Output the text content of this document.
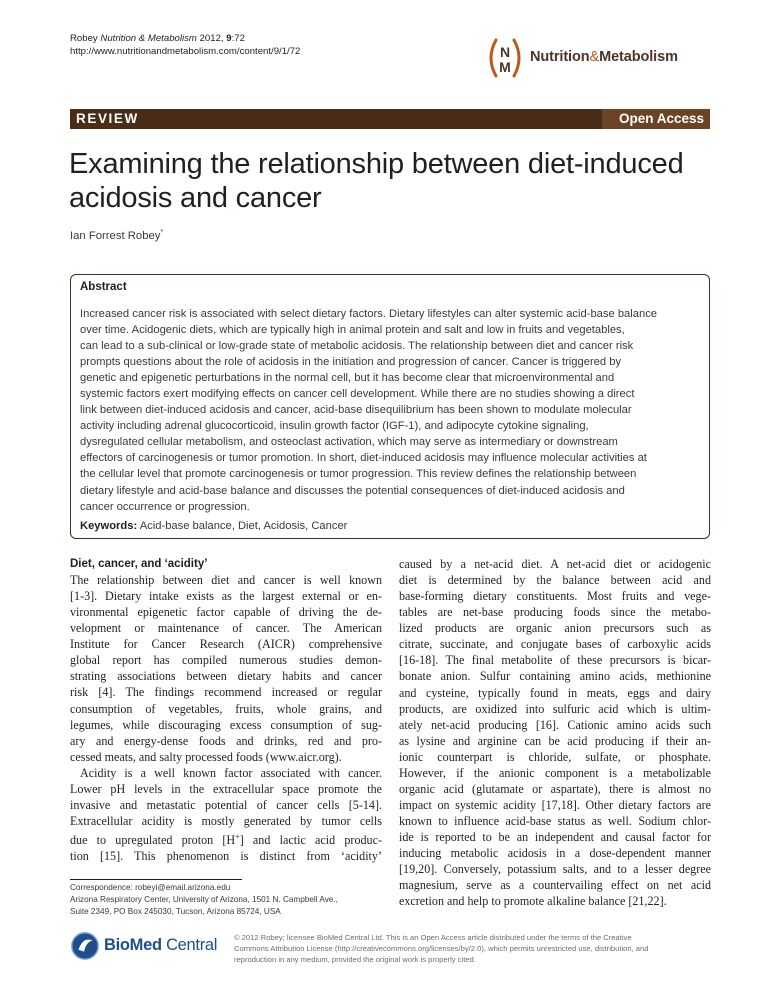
Robey Nutrition & Metabolism 2012, 9:72
http://www.nutritionandmetabolism.com/content/9/1/72	N
M
Nutrition&Metabolism
REVIEW	Open Access
Examining the relationship between diet-induced
acidosis and cancer
Ian Forrest Robey*
Abstract
Increased cancer risk is associated with select dietary factors. Dietary lifestyles can alter systemic acid-base balance
over time. Acidogenic diets, which are typically high in animal protein and salt and low in fruits and vegetables,
can lead to a sub-clinical or low-grade state of metabolic acidosis. The relationship between diet and cancer risk
prompts questions about the role of acidosis in the initiation and progression of cancer. Cancer is triggered by
genetic and epigenetic perturbations in the normal cell, but it has become clear that microenvironmental and
systemic factors exert modifying effects on cancer cell development. While there are no studies showing a direct
link between diet-induced acidosis and cancer, acid-base disequilibrium has been shown to modulate molecular
activity including adrenal glucocorticoid, insulin growth factor (IGF-1), and adipocyte cytokine signaling,
dysregulated cellular metabolism, and osteoclast activation, which may serve as intermediary or downstream
effectors of carcinogenesis or tumor promotion. In short, diet-induced acidosis may influence molecular activities at
the cellular level that promote carcinogenesis or tumor progression. This review defines the relationship between
dietary lifestyle and acid-base balance and discusses the potential consequences of diet-induced acidosis and
cancer occurrence or progression.
Keywords: Acid-base balance, Diet, Acidosis, Cancer
Diet, cancer, and ‘acidity’
The relationship between diet and cancer is well known
[1-3]. Dietary intake exists as the largest external or en-
vironmental epigenetic factor capable of driving the de-
velopment or maintenance of cancer. The American
Institute for Cancer Research (AICR) comprehensive
global report has compiled numerous studies demon-
strating associations between dietary habits and cancer
risk [4]. The findings recommend increased or regular
consumption of vegetables, fruits, whole grains, and
legumes, while discouraging excess consumption of sug-
ary and energy-dense foods and drinks, red and pro-
cessed meats, and salty processed foods (www.aicr.org).
Acidity is a well known factor associated with cancer.
Lower pH levels in the extracellular space promote the
invasive and metastatic potential of cancer cells [5-14].
Extracellular acidity is mostly generated by tumor cells
due to upregulated proton [H+] and lactic acid produc-
tion [15]. This phenomenon is distinct from ‘acidity’
caused by a net-acid diet. A net-acid diet or acidogenic
diet is determined by the balance between acid and
base-forming dietary constituents. Most fruits and vege-
tables are net-base producing foods since the metabo-
lized products are organic anion precursors such as
citrate, succinate, and conjugate bases of carboxylic acids
[16-18]. The final metabolite of these precursors is bicar-
bonate anion. Sulfur containing amino acids, methionine
and cysteine, typically found in meats, eggs and dairy
products, are oxidized into sulfuric acid which is ultim-
ately net-acid producing [16]. Cationic amino acids such
as lysine and arginine can be acid producing if their an-
ionic counterpart is chloride, sulfate, or phosphate.
However, if the anionic component is a metabolizable
organic acid (glutamate or aspartate), there is almost no
impact on systemic acidity [17,18]. Other dietary factors are
known to influence acid-base status as well. Sodium chlor-
ide is reported to be an independent and causal factor for
inducing metabolic acidosis in a dose-dependent manner
[19,20]. Conversely, potassium salts, and to a lesser degree
magnesium, serve as a countervailing effect on net acid
excretion and help to promote alkaline balance [21,22].
Correspondence: robeyi@email.arizona.edu
Arizona Respiratory Center, University of Arizona, 1501 N. Campbell Ave.,
Suite 2349, PO Box 245030, Tucson, Arizona 85724, USA
BioMed Central © 2012 Robey; licensee BioMed Central Ltd. This is an Open Access article distributed under the terms of the Creative
Commons Attribution License (http://creativecommons.org/licenses/by/2.0), which permits unrestricted use, distribution, and
reproduction in any medium, provided the original work is properly cited.
